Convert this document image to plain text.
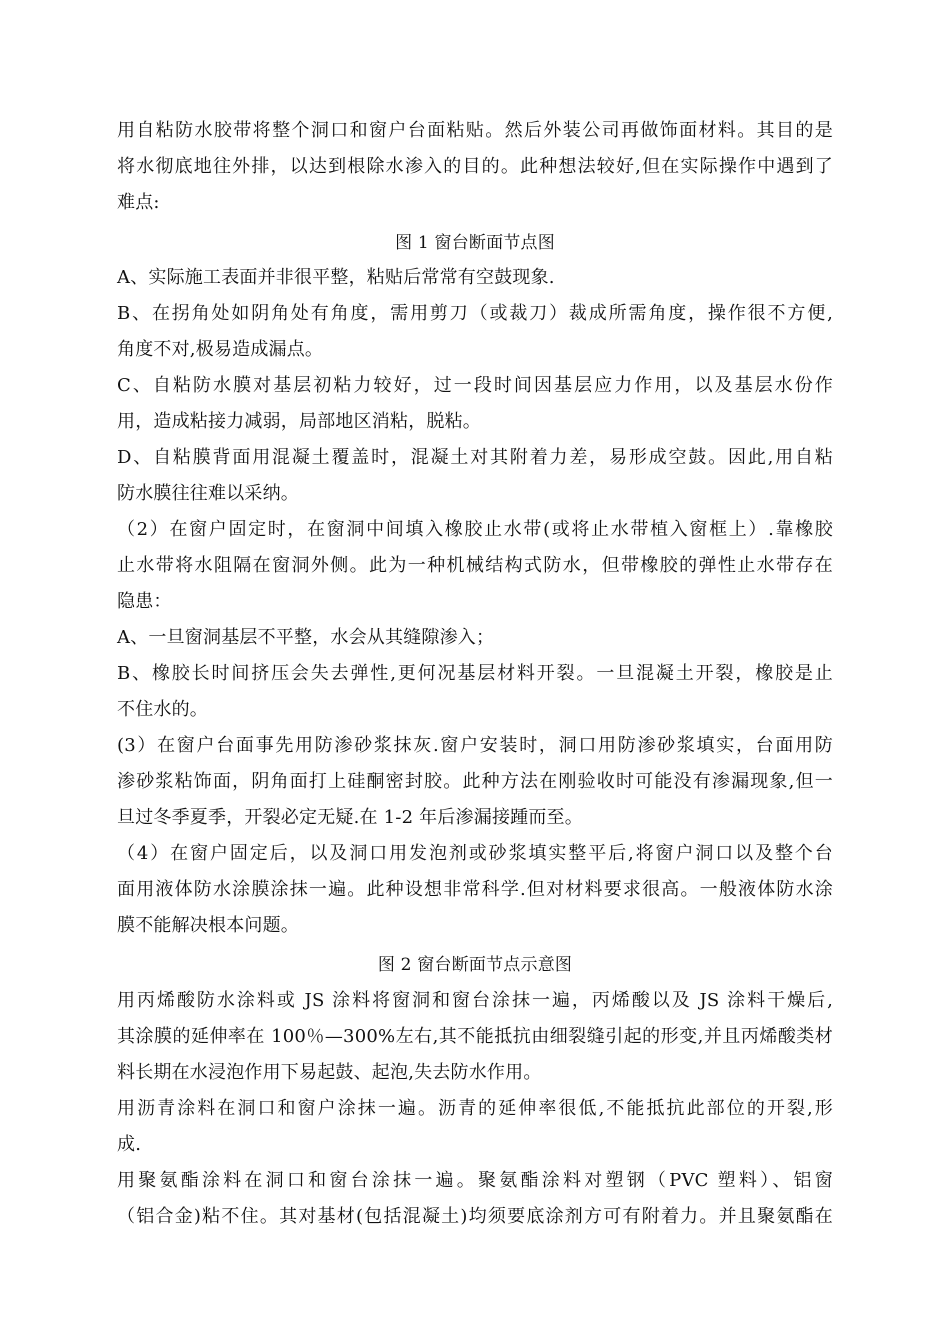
用自粘防水胶带将整个洞口和窗户台面粘贴。然后外装公司再做饰面材料。其目的是
将水彻底地往外排，以达到根除水渗入的目的。此种想法较好,但在实际操作中遇到了
难点:
图 1 窗台断面节点图
A、实际施工表面并非很平整，粘贴后常常有空鼓现象.
B、在拐角处如阴角处有角度，需用剪刀（或裁刀）裁成所需角度，操作很不方便,
角度不对,极易造成漏点。
C、自粘防水膜对基层初粘力较好，过一段时间因基层应力作用，以及基层水份作
用，造成粘接力减弱，局部地区消粘，脱粘。
D、自粘膜背面用混凝土覆盖时，混凝土对其附着力差，易形成空鼓。因此,用自粘
防水膜往往难以采纳。
（2）在窗户固定时，在窗洞中间填入橡胶止水带(或将止水带植入窗框上）.靠橡胶
止水带将水阻隔在窗洞外侧。此为一种机械结构式防水，但带橡胶的弹性止水带存在
隐患：
A、一旦窗洞基层不平整，水会从其缝隙渗入；
B、橡胶长时间挤压会失去弹性,更何况基层材料开裂。一旦混凝土开裂，橡胶是止
不住水的。
(3）在窗户台面事先用防渗砂浆抹灰.窗户安装时，洞口用防渗砂浆填实，台面用防
渗砂浆粘饰面，阴角面打上硅酮密封胶。此种方法在刚验收时可能没有渗漏现象,但一
旦过冬季夏季，开裂必定无疑.在 1-2 年后渗漏接踵而至。
（4）在窗户固定后，以及洞口用发泡剂或砂浆填实整平后,将窗户洞口以及整个台
面用液体防水涂膜涂抹一遍。此种设想非常科学.但对材料要求很高。一般液体防水涂
膜不能解决根本问题。
图 2 窗台断面节点示意图
用丙烯酸防水涂料或 JS 涂料将窗洞和窗台涂抹一遍，丙烯酸以及 JS 涂料干燥后,
其涂膜的延伸率在 100％—300%左右,其不能抵抗由细裂缝引起的形变,并且丙烯酸类材
料长期在水浸泡作用下易起鼓、起泡,失去防水作用。
用沥青涂料在洞口和窗户涂抹一遍。沥青的延伸率很低,不能抵抗此部位的开裂,形
成.
用聚氨酯涂料在洞口和窗台涂抹一遍。聚氨酯涂料对塑钢（PVC 塑料）、铝窗
（铝合金)粘不住。其对基材(包括混凝土)均须要底涂剂方可有附着力。并且聚氨酯在
